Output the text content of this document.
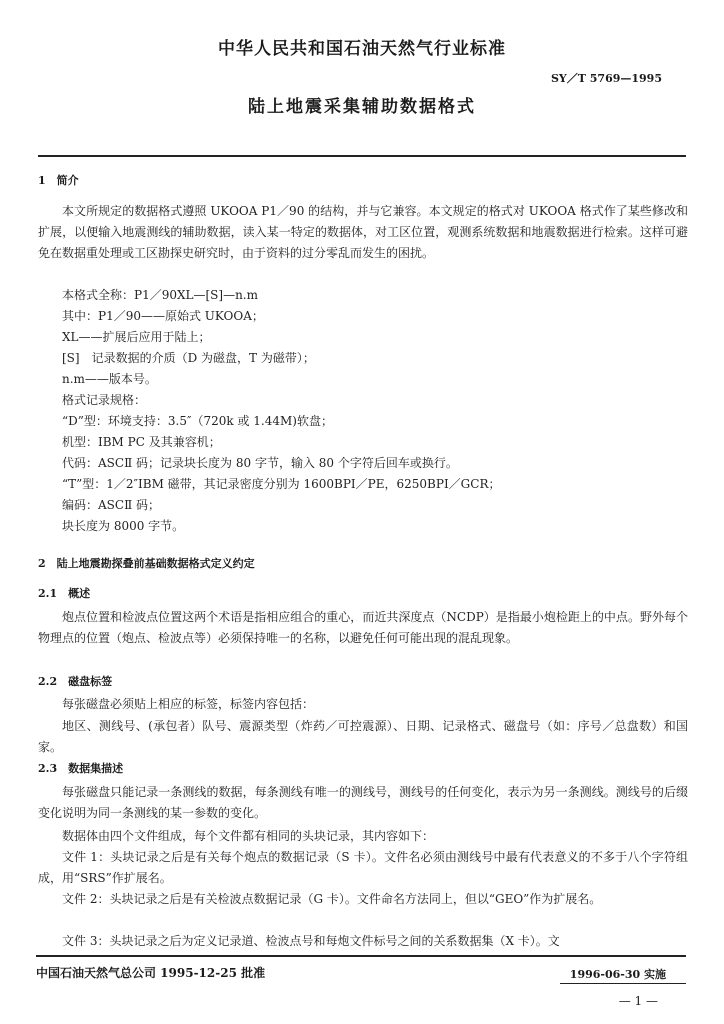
中华人民共和国石油天然气行业标准
SY／T 5769—1995
陆上地震采集辅助数据格式
1　简介
本文所规定的数据格式遵照 UKOOA P1／90 的结构，并与它兼容。本文规定的格式对 UKOOA 格式作了某些修改和扩展，以便输入地震测线的辅助数据，读入某一特定的数据体，对工区位置，观测系统数据和地震数据进行检索。这样可避免在数据重处理或工区勘探史研究时，由于资料的过分零乱而发生的困扰。
本格式全称：P1／90XL—[S]—n.m
其中：P1／90——原始式 UKOOA；
XL——扩展后应用于陆上；
[S]　记录数据的介质（D 为磁盘，T 为磁带）；
n.m——版本号。
格式记录规格：
“D”型：环境支持：3.5″（720k 或 1.44M)软盘；
机型：IBM PC 及其兼容机；
代码：ASCⅡ 码；记录块长度为 80 字节，输入 80 个字符后回车或换行。
“T”型：1／2″IBM 磁带，其记录密度分别为 1600BPI／PE，6250BPI／GCR；
编码：ASCⅡ 码；
块长度为 8000 字节。
2　陆上地震勘探叠前基础数据格式定义约定
2.1　概述
炮点位置和检波点位置这两个术语是指相应组合的重心，而近共深度点（NCDP）是指最小炮检距上的中点。野外每个物理点的位置（炮点、检波点等）必须保持唯一的名称，以避免任何可能出现的混乱现象。
2.2　磁盘标签
每张磁盘必须贴上相应的标签，标签内容包括：
地区、测线号、(承包者）队号、震源类型（炸药／可控震源）、日期、记录格式、磁盘号（如：序号／总盘数）和国家。
2.3　数据集描述
每张磁盘只能记录一条测线的数据，每条测线有唯一的测线号，测线号的任何变化，表示为另一条测线。测线号的后缀变化说明为同一条测线的某一参数的变化。
数据体由四个文件组成，每个文件都有相同的头块记录，其内容如下：
文件 1：头块记录之后是有关每个炮点的数据记录（S 卡）。文件名必须由测线号中最有代表意义的不多于八个字符组成，用“SRS”作扩展名。
文件 2：头块记录之后是有关检波点数据记录（G 卡）。文件命名方法同上，但以“GEO”作为扩展名。
文件 3：头块记录之后为定义记录道、检波点号和每炮文件标号之间的关系数据集（X 卡）。文
中国石油天然气总公司 1995-12-25 批准	1996-06-30 实施
— 1 —
